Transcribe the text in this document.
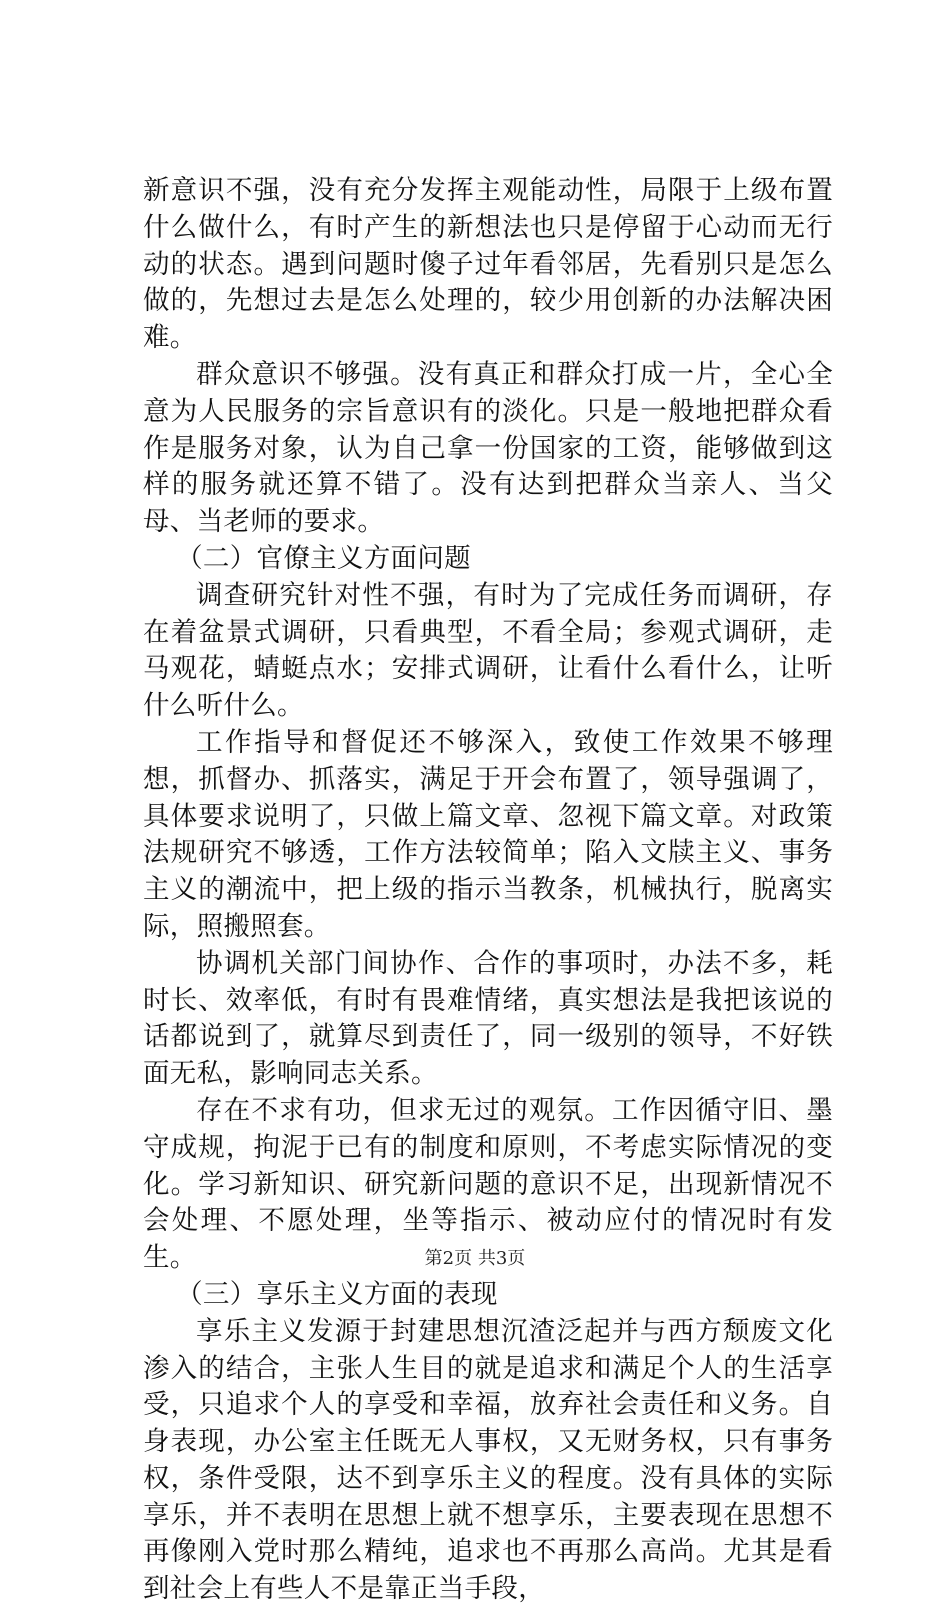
新意识不强，没有充分发挥主观能动性，局限于上级布置什么做什么，有时产生的新想法也只是停留于心动而无行动的状态。遇到问题时傻子过年看邻居，先看别只是怎么做的，先想过去是怎么处理的，较少用创新的办法解决困难。

群众意识不够强。没有真正和群众打成一片，全心全意为人民服务的宗旨意识有的淡化。只是一般地把群众看作是服务对象，认为自己拿一份国家的工资，能够做到这样的服务就还算不错了。没有达到把群众当亲人、当父母、当老师的要求。

（二）官僚主义方面问题

调查研究针对性不强，有时为了完成任务而调研，存在着盆景式调研，只看典型，不看全局；参观式调研，走马观花，蜻蜓点水；安排式调研，让看什么看什么，让听什么听什么。

工作指导和督促还不够深入，致使工作效果不够理想，抓督办、抓落实，满足于开会布置了，领导强调了，具体要求说明了，只做上篇文章、忽视下篇文章。对政策法规研究不够透，工作方法较简单；陷入文牍主义、事务主义的潮流中，把上级的指示当教条，机械执行，脱离实际，照搬照套。

协调机关部门间协作、合作的事项时，办法不多，耗时长、效率低，有时有畏难情绪，真实想法是我把该说的话都说到了，就算尽到责任了，同一级别的领导，不好铁面无私，影响同志关系。

存在不求有功，但求无过的观氛。工作因循守旧、墨守成规，拘泥于已有的制度和原则，不考虑实际情况的变化。学习新知识、研究新问题的意识不足，出现新情况不会处理、不愿处理，坐等指示、被动应付的情况时有发生。

（三）享乐主义方面的表现

享乐主义发源于封建思想沉渣泛起并与西方颓废文化渗入的结合，主张人生目的就是追求和满足个人的生活享受，只追求个人的享受和幸福，放弃社会责任和义务。自身表现，办公室主任既无人事权，又无财务权，只有事务权，条件受限，达不到享乐主义的程度。没有具体的实际享乐，并不表明在思想上就不想享乐，主要表现在思想不再像刚入党时那么精纯，追求也不再那么高尚。尤其是看到社会上有些人不是靠正当手段，

第2页 共3页
